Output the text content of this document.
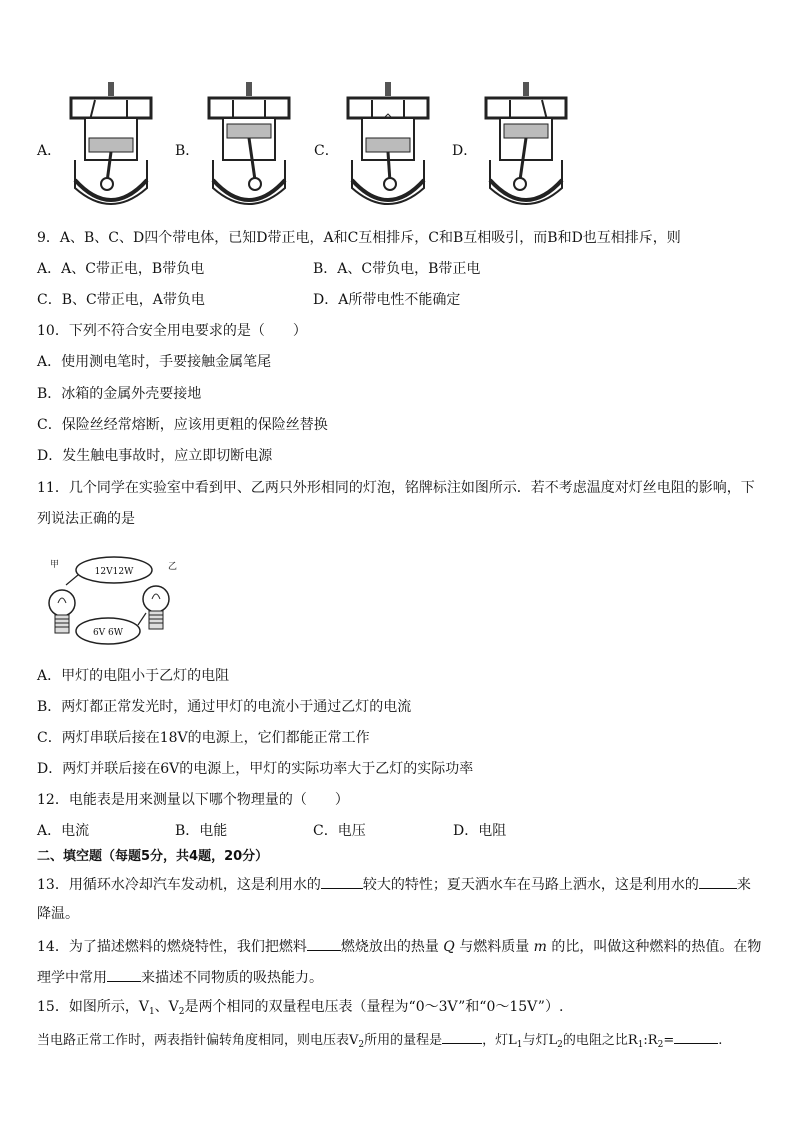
A．	B．	C．	D．
9．A、B、C、D四个带电体，已知D带正电，A和C互相排斥，C和B互相吸引，而B和D也互相排斥，则
A．A、C带正电，B带负电	B．A、C带负电，B带正电
C．B、C带正电，A带负电	D．A所带电性不能确定
10．下列不符合安全用电要求的是（　　）
A．使用测电笔时，手要接触金属笔尾
B．冰箱的金属外壳要接地
C．保险丝经常熔断，应该用更粗的保险丝替换
D．发生触电事故时，应立即切断电源
11．几个同学在实验室中看到甲、乙两只外形相同的灯泡，铭牌标注如图所示．若不考虑温度对灯丝电阻的影响，下
列说法正确的是
甲	乙
12V12W
6V 6W
A．甲灯的电阻小于乙灯的电阻
B．两灯都正常发光时，通过甲灯的电流小于通过乙灯的电流
C．两灯串联后接在18V的电源上，它们都能正常工作
D．两灯并联后接在6V的电源上，甲灯的实际功率大于乙灯的实际功率
12．电能表是用来测量以下哪个物理量的（　　）
A．电流	B．电能	C．电压	D．电阻
二、填空题（每题5分，共4题，20分）
13．用循环水冷却汽车发动机，这是利用水的	较大的特性；夏天洒水车在马路上洒水，这是利用水的	来
降温。
14．为了描述燃料的燃烧特性，我们把燃料 燃烧放出的热量 Q 与燃料质量 m 的比，叫做这种燃料的热值。在物
理学中常用 来描述不同物质的吸热能力。
15．如图所示，$V_1$、$V_2$是两个相同的双量程电压表（量程为“0～3V”和“0～15V”）.
当电路正常工作时，两表指针偏转角度相同，则电压表$V_2$所用的量程是	，灯$L_1$与灯$L_2$的电阻之比$R_1:R_2=$	.
